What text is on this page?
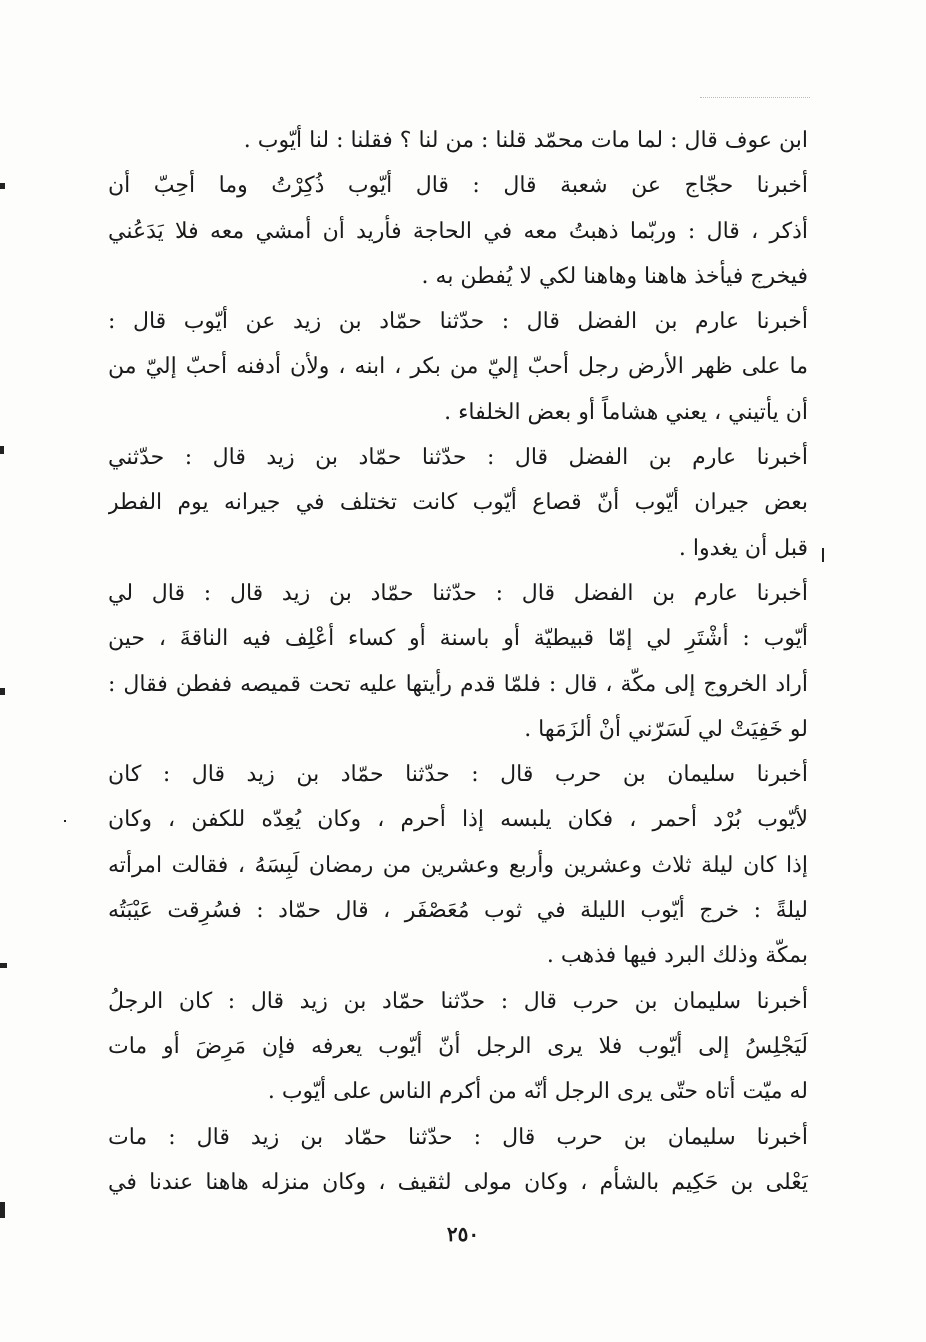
ابن عوف قال : لما مات محمّد قلنا : من لنا ؟ فقلنا : لنا أيّوب .
أخبرنا حجّاج عن شعبة قال : قال أيّوب ذُكِرْتُ وما أحِبّ أن
أذكر ، قال : وربّما ذهبتُ معه في الحاجة فأريد أن أمشي معه فلا يَدَعُني
فيخرج فيأخذ هاهنا وهاهنا لكي لا يُفطن به .
أخبرنا عارم بن الفضل قال : حدّثنا حمّاد بن زيد عن أيّوب قال :
ما على ظهر الأرض رجل أحبّ إليّ من بكر ، ابنه ، ولأن أدفنه أحبّ إليّ من
أن يأتيني ، يعني هشاماً أو بعض الخلفاء .
أخبرنا عارم بن الفضل قال : حدّثنا حمّاد بن زيد قال : حدّثني
بعض جيران أيّوب أنّ قصاع أيّوب كانت تختلف في جيرانه يوم الفطر
قبل أن يغدوا .
أخبرنا عارم بن الفضل قال : حدّثنا حمّاد بن زيد قال : قال لي
أيّوب : أشْتَرِ لي إمّا قبيطيّة أو باسنة أو كساء أعْلِف فيه الناقةَ ، حين
أراد الخروج إلى مكّة ، قال : فلمّا قدم رأيتها عليه تحت قميصه ففطن فقال :
لو خَفِيَتْ لي لَسَرّني أنْ ألزَمَها .
أخبرنا سليمان بن حرب قال : حدّثنا حمّاد بن زيد قال : كان
لأيّوب بُرْد أحمر ، فكان يلبسه إذا أحرم ، وكان يُعِدّه للكفن ، وكان
إذا كان ليلة ثلاث وعشرين وأربع وعشرين من رمضان لَبِسَهُ ، فقالت امرأته
ليلةً : خرج أيّوب الليلة في ثوب مُعَصْفَر ، قال حمّاد : فسُرِقت عَيْبَتُه
بمكّة وذلك البرد فيها فذهب .
أخبرنا سليمان بن حرب قال : حدّثنا حمّاد بن زيد قال : كان الرجلُ
لَيَجْلِسُ إلى أيّوب فلا يرى الرجل أنّ أيّوب يعرفه فإن مَرِضَ أو مات
له ميّت أتاه حتّى يرى الرجل أنّه من أكرم الناس على أيّوب .
أخبرنا سليمان بن حرب قال : حدّثنا حمّاد بن زيد قال : مات
يَعْلى بن حَكِيم بالشأم ، وكان مولى لثقيف ، وكان منزله هاهنا عندنا في
٢٥٠
